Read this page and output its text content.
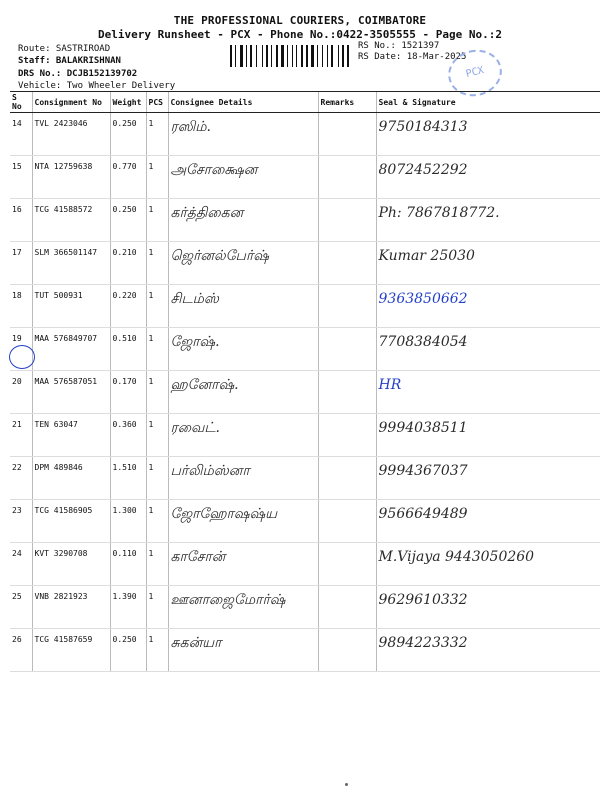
THE PROFESSIONAL COURIERS, COIMBATORE
Delivery Runsheet - PCX - Phone No.:0422-3505555 - Page No.:2
Route: SASTRIROAD
Staff: BALAKRISHNAN
DRS No.: DCJB152139702
Vehicle: Two Wheeler Delivery
RS No.: 1521397
RS Date: 18-Mar-2025
PCX
S No	Consignment No	Weight	PCS	Consignee Details	Remarks	Seal & Signature
14	TVL 2423046	0.250	1	ரஸிம்.		9750184313
15	NTA 12759638	0.770	1	அசோக்ஷைன		8072452292
16	TCG 41588572	0.250	1	கர்த்திகைன		Ph: 7867818772.
17	SLM 366501147	0.210	1	ஜெர்னல்பேர்ஷ்		Kumar 25030
18	TUT 500931	0.220	1	சிடம்ஸ்		9363850662
19	MAA 576849707	0.510	1	ஜோஷ்.		7708384054
20	MAA 576587051	0.170	1	ஹனோஷ்.		HR
21	TEN 63047	0.360	1	ரவைட்.		9994038511
22	DPM 489846	1.510	1	பர்லிம்ஸ்னா		9994367037
23	TCG 41586905	1.300	1	ஜோஹோஷஷ்ய		9566649489
24	KVT 3290708	0.110	1	காசோன்		M.Vijaya 9443050260
25	VNB 2821923	1.390	1	ஊனாஜைமோர்ஷ்		9629610332
26	TCG 41587659	0.250	1	சுகன்யா		9894223332
